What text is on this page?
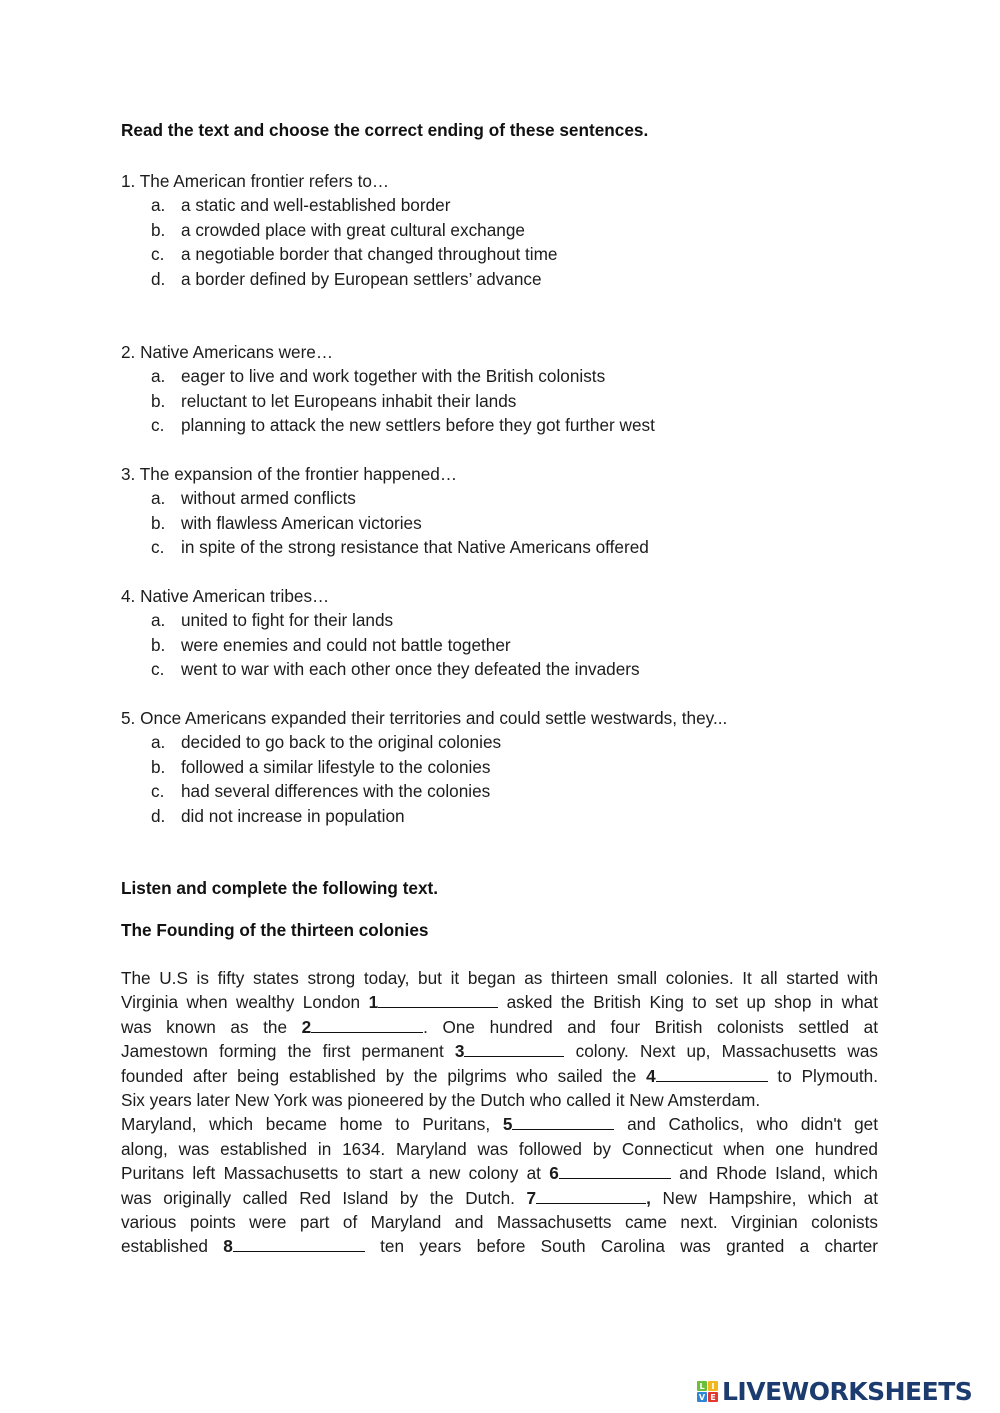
Read the text and choose the correct ending of these sentences.
1. The American frontier refers to…
a. a static and well-established border
b. a crowded place with great cultural exchange
c. a negotiable border that changed throughout time
d. a border defined by European settlers’ advance
2. Native Americans were…
a. eager to live and work together with the British colonists
b. reluctant to let Europeans inhabit their lands
c. planning to attack the new settlers before they got further west
3. The expansion of the frontier happened…
a. without armed conflicts
b. with flawless American victories
c. in spite of the strong resistance that Native Americans offered
4. Native American tribes…
a. united to fight for their lands
b. were enemies and could not battle together
c. went to war with each other once they defeated the invaders
5. Once Americans expanded their territories and could settle westwards, they...
a. decided to go back to the original colonies
b. followed a similar lifestyle to the colonies
c. had several differences with the colonies
d. did not increase in population
Listen and complete the following text.
The Founding of the thirteen colonies
The U.S is fifty states strong today, but it began as thirteen small colonies. It all started with
Virginia when wealthy London 1	asked the British King to set up shop in what
was known as the 2	. One hundred and four British colonists settled at
Jamestown forming the first permanent 3	colony. Next up, Massachusetts was
founded after being established by the pilgrims who sailed the 4	to Plymouth.
Six years later New York was pioneered by the Dutch who called it New Amsterdam.
Maryland, which became home to Puritans, 5	and Catholics, who didn't get
along, was established in 1634. Maryland was followed by Connecticut when one hundred
Puritans left Massachusetts to start a new colony at 6	and Rhode Island, which
was originally called Red Island by the Dutch. 7	, New Hampshire, which at
various points were part of Maryland and Massachusetts came next. Virginian colonists
established 8	ten years before South Carolina was granted a charter
L I
V E LIVEWORKSHEETS
